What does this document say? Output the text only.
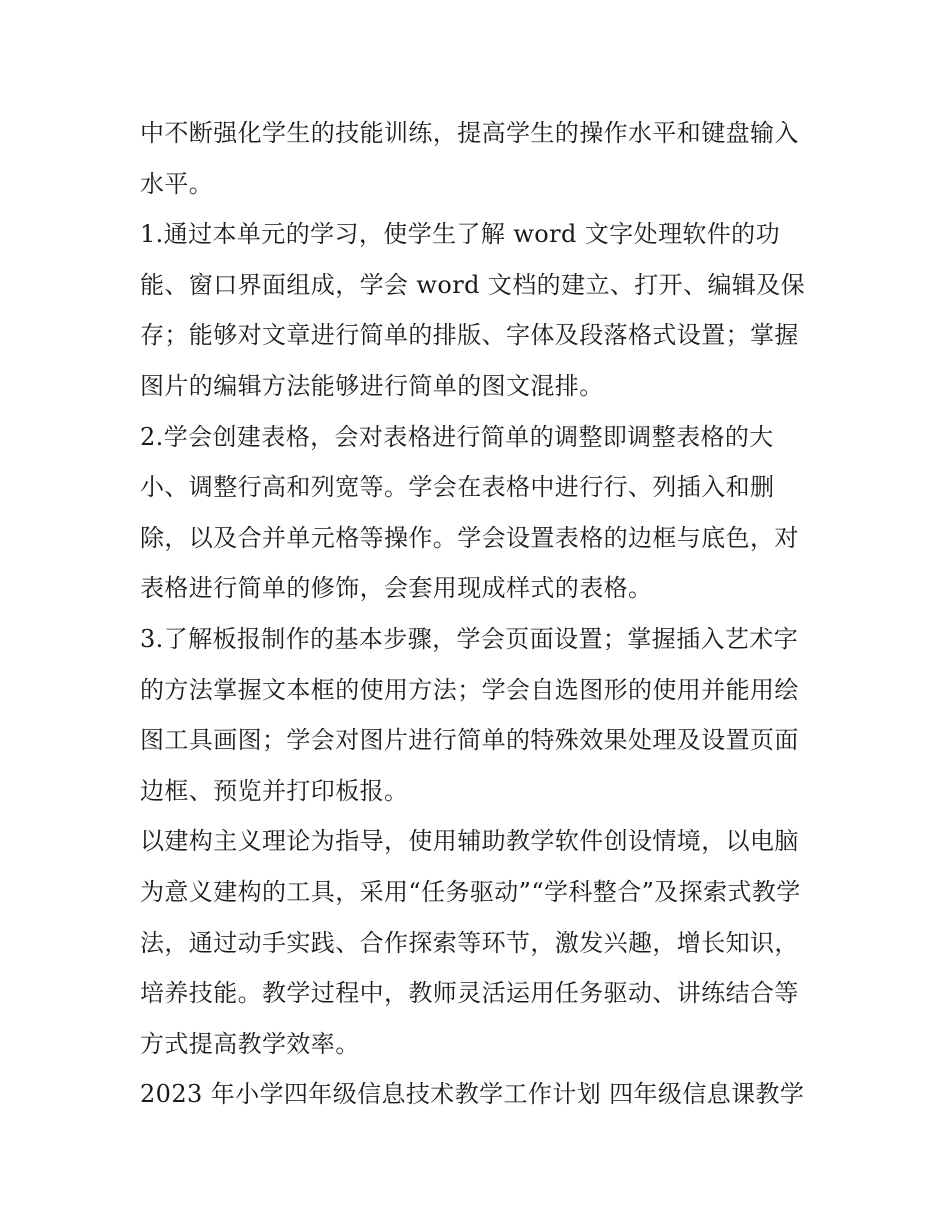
中不断强化学生的技能训练，提高学生的操作水平和键盘输入
水平。

1.通过本单元的学习，使学生了解 word 文字处理软件的功
能、窗口界面组成，学会 word 文档的建立、打开、编辑及保
存；能够对文章进行简单的排版、字体及段落格式设置；掌握
图片的编辑方法能够进行简单的图文混排。

2.学会创建表格，会对表格进行简单的调整即调整表格的大
小、调整行高和列宽等。学会在表格中进行行、列插入和删
除，以及合并单元格等操作。学会设置表格的边框与底色，对
表格进行简单的修饰，会套用现成样式的表格。

3.了解板报制作的基本步骤，学会页面设置；掌握插入艺术字
的方法掌握文本框的使用方法；学会自选图形的使用并能用绘
图工具画图；学会对图片进行简单的特殊效果处理及设置页面
边框、预览并打印板报。

以建构主义理论为指导，使用辅助教学软件创设情境，以电脑
为意义建构的工具，采用“任务驱动”“学科整合”及探索式教学
法，通过动手实践、合作探索等环节，激发兴趣，增长知识，
培养技能。教学过程中，教师灵活运用任务驱动、讲练结合等
方式提高教学效率。

2023 年小学四年级信息技术教学工作计划 四年级信息课教学
